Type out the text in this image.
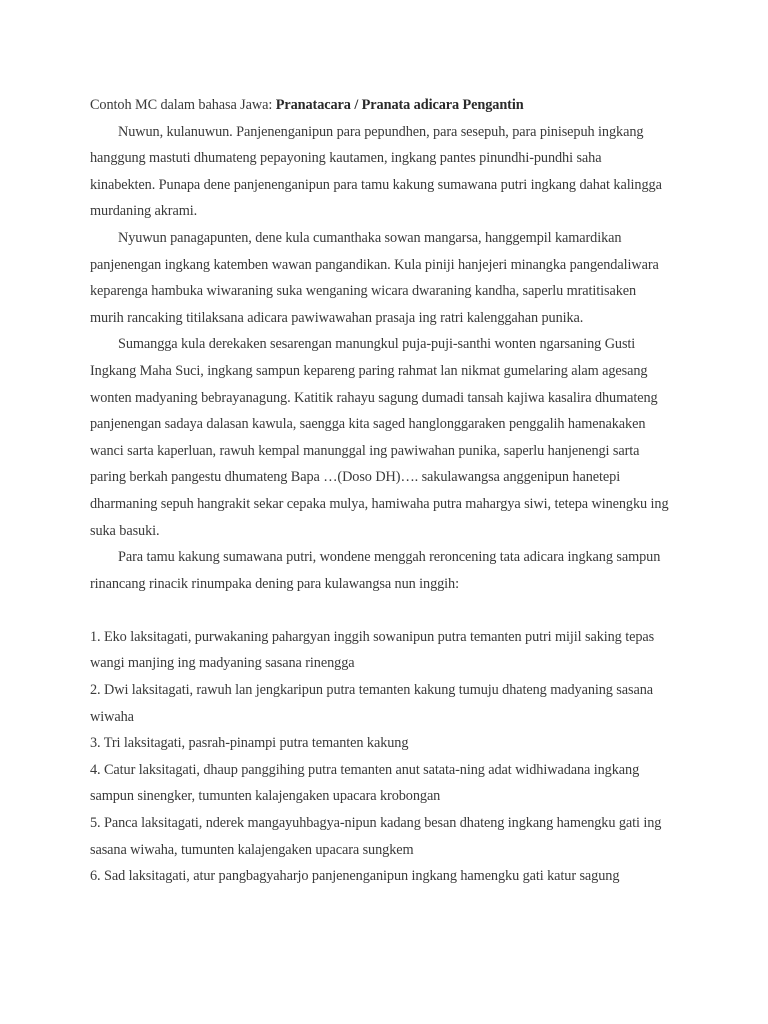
Contoh MC dalam bahasa Jawa: Pranatacara / Pranata adicara Pengantin

Nuwun, kulanuwun. Panjenenganipun para pepundhen, para sesepuh, para pinisepuh ingkang hanggung mastuti dhumateng pepayoning kautamen, ingkang pantes pinundhi-pundhi saha kinabekten. Punapa dene panjenenganipun para tamu kakung sumawana putri ingkang dahat kalingga murdaning akrami.

Nyuwun panagapunten, dene kula cumanthaka sowan mangarsa, hanggempil kamardikan panjenengan ingkang katemben wawan pangandikan. Kula piniji hanjejeri minangka pangendaliwara keparenga hambuka wiwaraning suka wenganing wicara dwaraning kandha, saperlu mratitisaken murih rancaking titilaksana adicara pawiwawahan prasaja ing ratri kalenggahan punika.

Sumangga kula derekaken sesarengan manungkul puja-puji-santhi wonten ngarsaning Gusti Ingkang Maha Suci, ingkang sampun kepareng paring rahmat lan nikmat gumelaring alam agesang wonten madyaning bebrayanagung. Katitik rahayu sagung dumadi tansah kajiwa kasalira dhumateng panjenengan sadaya dalasan kawula, saengga kita saged hanglonggaraken penggalih hamenakaken wanci sarta kaperluan, rawuh kempal manunggal ing pawiwahan punika, saperlu hanjenengi sarta paring berkah pangestu dhumateng Bapa …(Doso DH)…. sakulawangsa anggenipun hanetepi dharmaning sepuh hangrakit sekar cepaka mulya, hamiwaha putra mahargya siwi, tetepa winengku ing suka basuki.

Para tamu kakung sumawana putri, wondene menggah reroncening tata adicara ingkang sampun rinancang rinacik rinumpaka dening para kulawangsa nun inggih:

1. Eko laksitagati, purwakaning pahargyan inggih sowanipun putra temanten putri mijil saking tepas wangi manjing ing madyaning sasana rinengga

2. Dwi laksitagati, rawuh lan jengkaripun putra temanten kakung tumuju dhateng madyaning sasana wiwaha

3. Tri laksitagati, pasrah-pinampi putra temanten kakung

4. Catur laksitagati, dhaup panggihing putra temanten anut satata-ning adat widhiwadana ingkang sampun sinengker, tumunten kalajengaken upacara krobongan

5. Panca laksitagati, nderek mangayuhbagya-nipun kadang besan dhateng ingkang hamengku gati ing sasana wiwaha, tumunten kalajengaken upacara sungkem

6. Sad laksitagati, atur pangbagyaharjo panjenenganipun ingkang hamengku gati katur sagung
